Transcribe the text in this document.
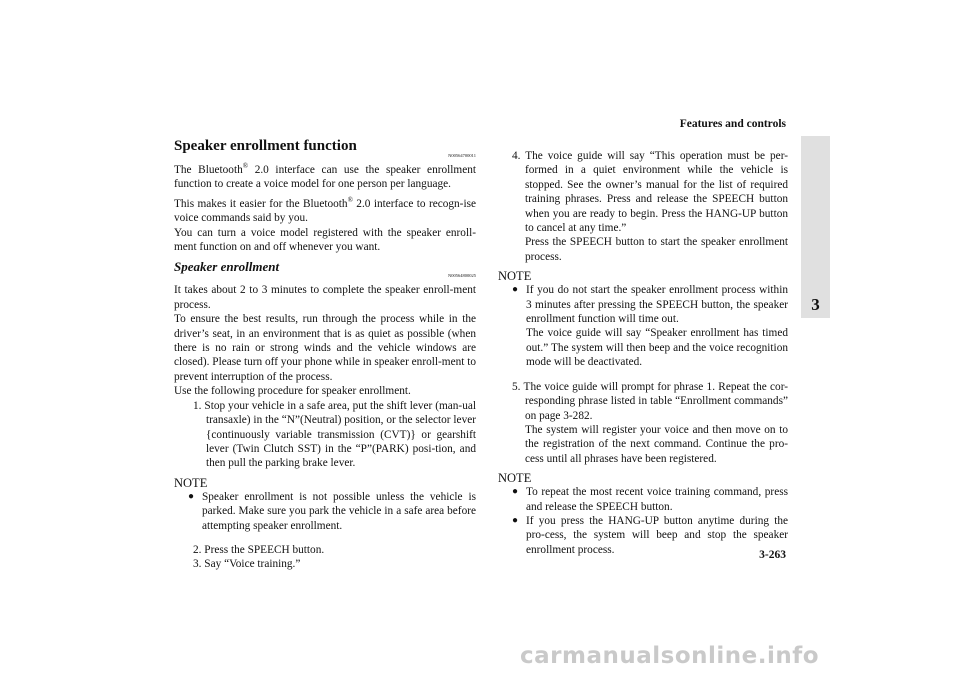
Features and controls
3
Speaker enrollment function
N00564700011

The Bluetooth® 2.0 interface can use the speaker enrollment function to create a voice model for one person per language.

This makes it easier for the Bluetooth® 2.0 interface to recogn-ise voice commands said by you.

You can turn a voice model registered with the speaker enroll-ment function on and off whenever you want.

Speaker enrollment
N00564800025

It takes about 2 to 3 minutes to complete the speaker enroll-ment process.

To ensure the best results, run through the process while in the driver’s seat, in an environment that is as quiet as possible (when there is no rain or strong winds and the vehicle windows are closed). Please turn off your phone while in speaker enroll-ment to prevent interruption of the process.

Use the following procedure for speaker enrollment.

1. Stop your vehicle in a safe area, put the shift lever (man-ual transaxle) in the “N”(Neutral) position, or the selector lever {continuously variable transmission (CVT)} or gearshift lever (Twin Clutch SST) in the “P”(PARK) posi-tion, and then pull the parking brake lever.

NOTE
● Speaker enrollment is not possible unless the vehicle is parked. Make sure you park the vehicle in a safe area before attempting speaker enrollment.

2. Press the SPEECH button.

3. Say “Voice training.”

4. The voice guide will say “This operation must be per-formed in a quiet environment while the vehicle is stopped. See the owner’s manual for the list of required training phrases. Press and release the SPEECH button when you are ready to begin. Press the HANG-UP button to cancel at any time.”

Press the SPEECH button to start the speaker enrollment process.

NOTE
● If you do not start the speaker enrollment process within 3 minutes after pressing the SPEECH button, the speaker enrollment function will time out.
The voice guide will say “Speaker enrollment has timed out.” The system will then beep and the voice recognition mode will be deactivated.

5. The voice guide will prompt for phrase 1. Repeat the cor-responding phrase listed in table “Enrollment commands” on page 3-282.

The system will register your voice and then move on to the registration of the next command. Continue the pro-cess until all phrases have been registered.

NOTE
● To repeat the most recent voice training command, press and release the SPEECH button.
● If you press the HANG-UP button anytime during the pro-cess, the system will beep and stop the speaker enrollment process.	3-263
carmanualsonline.info
